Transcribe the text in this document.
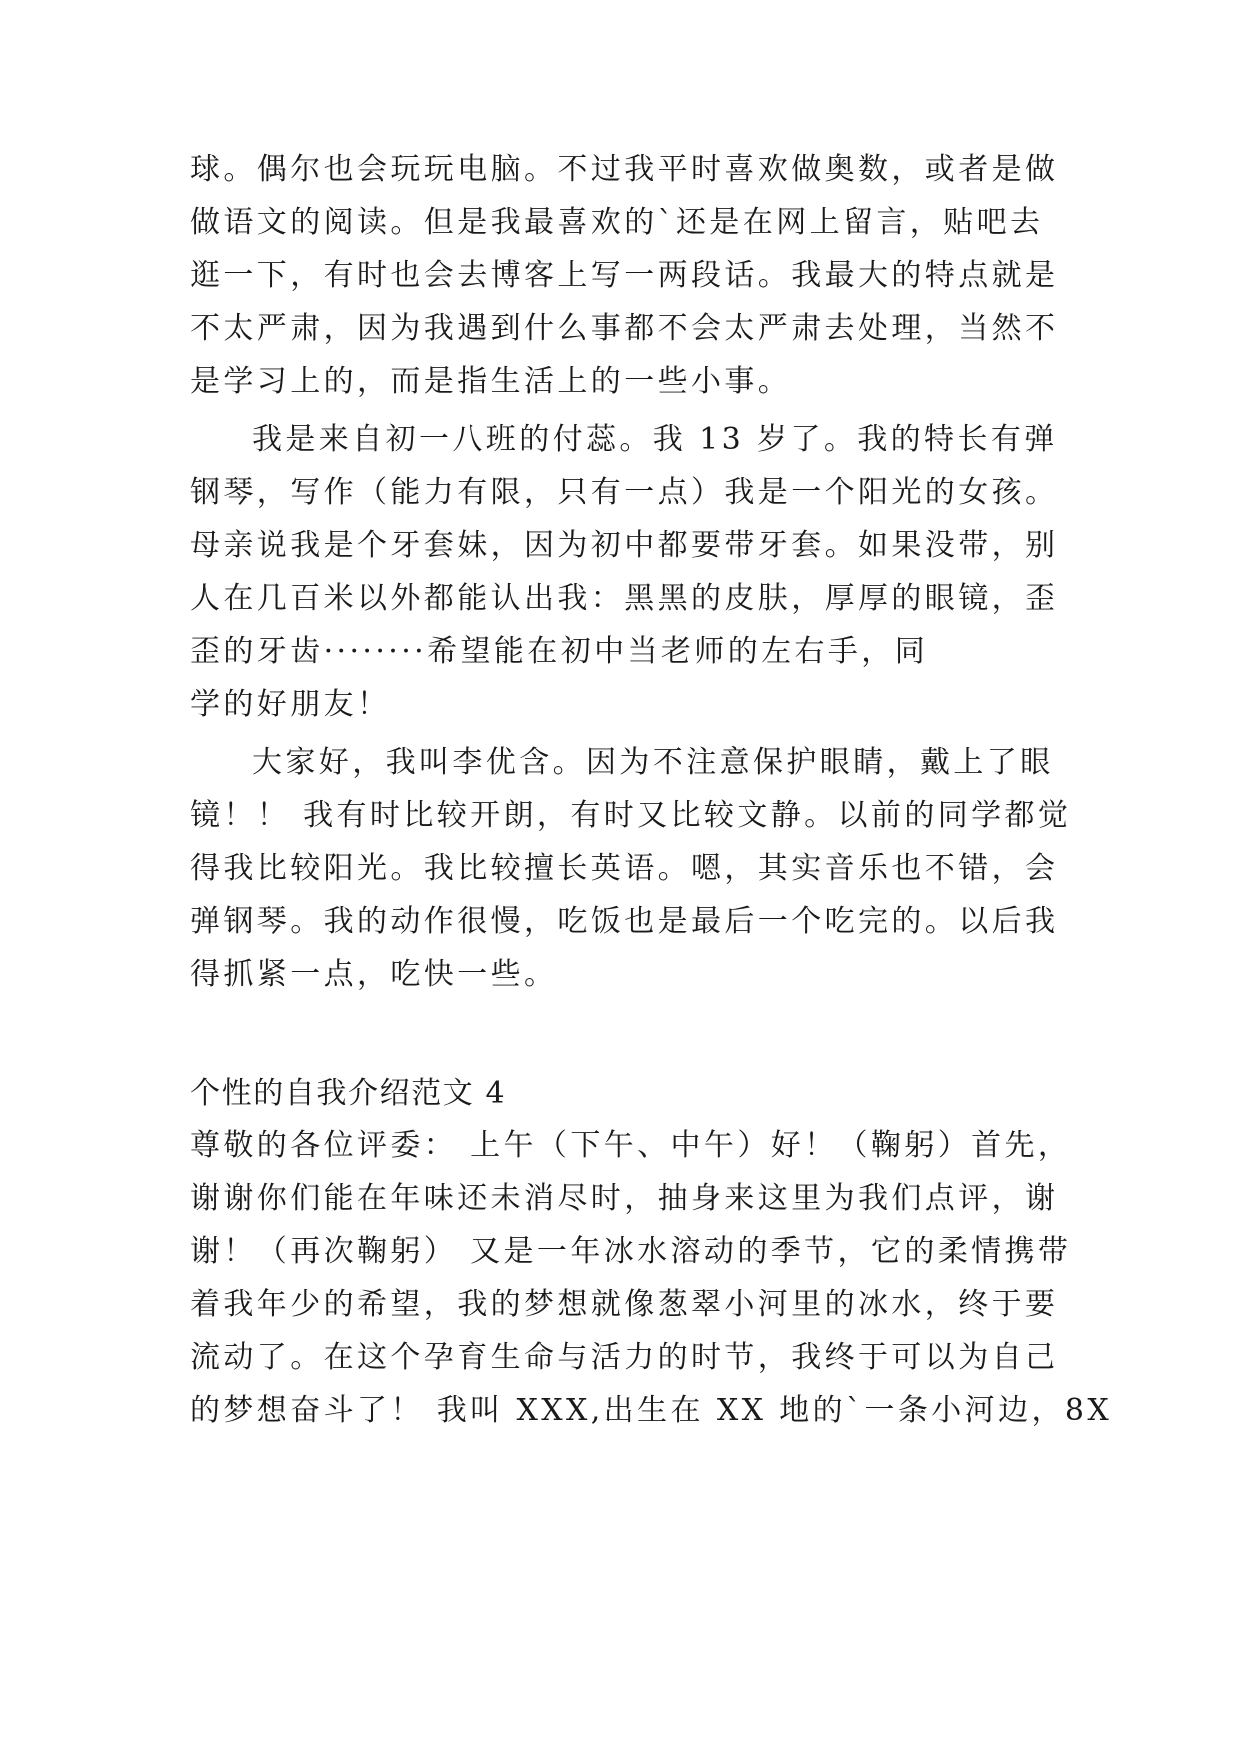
球。偶尔也会玩玩电脑。不过我平时喜欢做奥数，或者是做
做语文的阅读。但是我最喜欢的`还是在网上留言，贴吧去
逛一下，有时也会去博客上写一两段话。我最大的特点就是
不太严肃，因为我遇到什么事都不会太严肃去处理，当然不
是学习上的，而是指生活上的一些小事。
我是来自初一八班的付蕊。我 13 岁了。我的特长有弹
钢琴，写作（能力有限，只有一点）我是一个阳光的女孩。
母亲说我是个牙套妹，因为初中都要带牙套。如果没带，别
人在几百米以外都能认出我：黑黑的皮肤，厚厚的眼镜，歪
歪的牙齿········希望能在初中当老师的左右手，同
学的好朋友！
大家好，我叫李优含。因为不注意保护眼睛，戴上了眼
镜！！ 我有时比较开朗，有时又比较文静。以前的同学都觉
得我比较阳光。我比较擅长英语。嗯，其实音乐也不错，会
弹钢琴。我的动作很慢，吃饭也是最后一个吃完的。以后我
得抓紧一点，吃快一些。
个性的自我介绍范文 4
尊敬的各位评委： 上午（下午、中午）好！（鞠躬）首先，
谢谢你们能在年味还未消尽时，抽身来这里为我们点评，谢
谢！（再次鞠躬） 又是一年冰水溶动的季节，它的柔情携带
着我年少的希望，我的梦想就像葱翠小河里的冰水，终于要
流动了。在这个孕育生命与活力的时节，我终于可以为自己
的梦想奋斗了！ 我叫 XXX,出生在 XX 地的`一条小河边，8X
